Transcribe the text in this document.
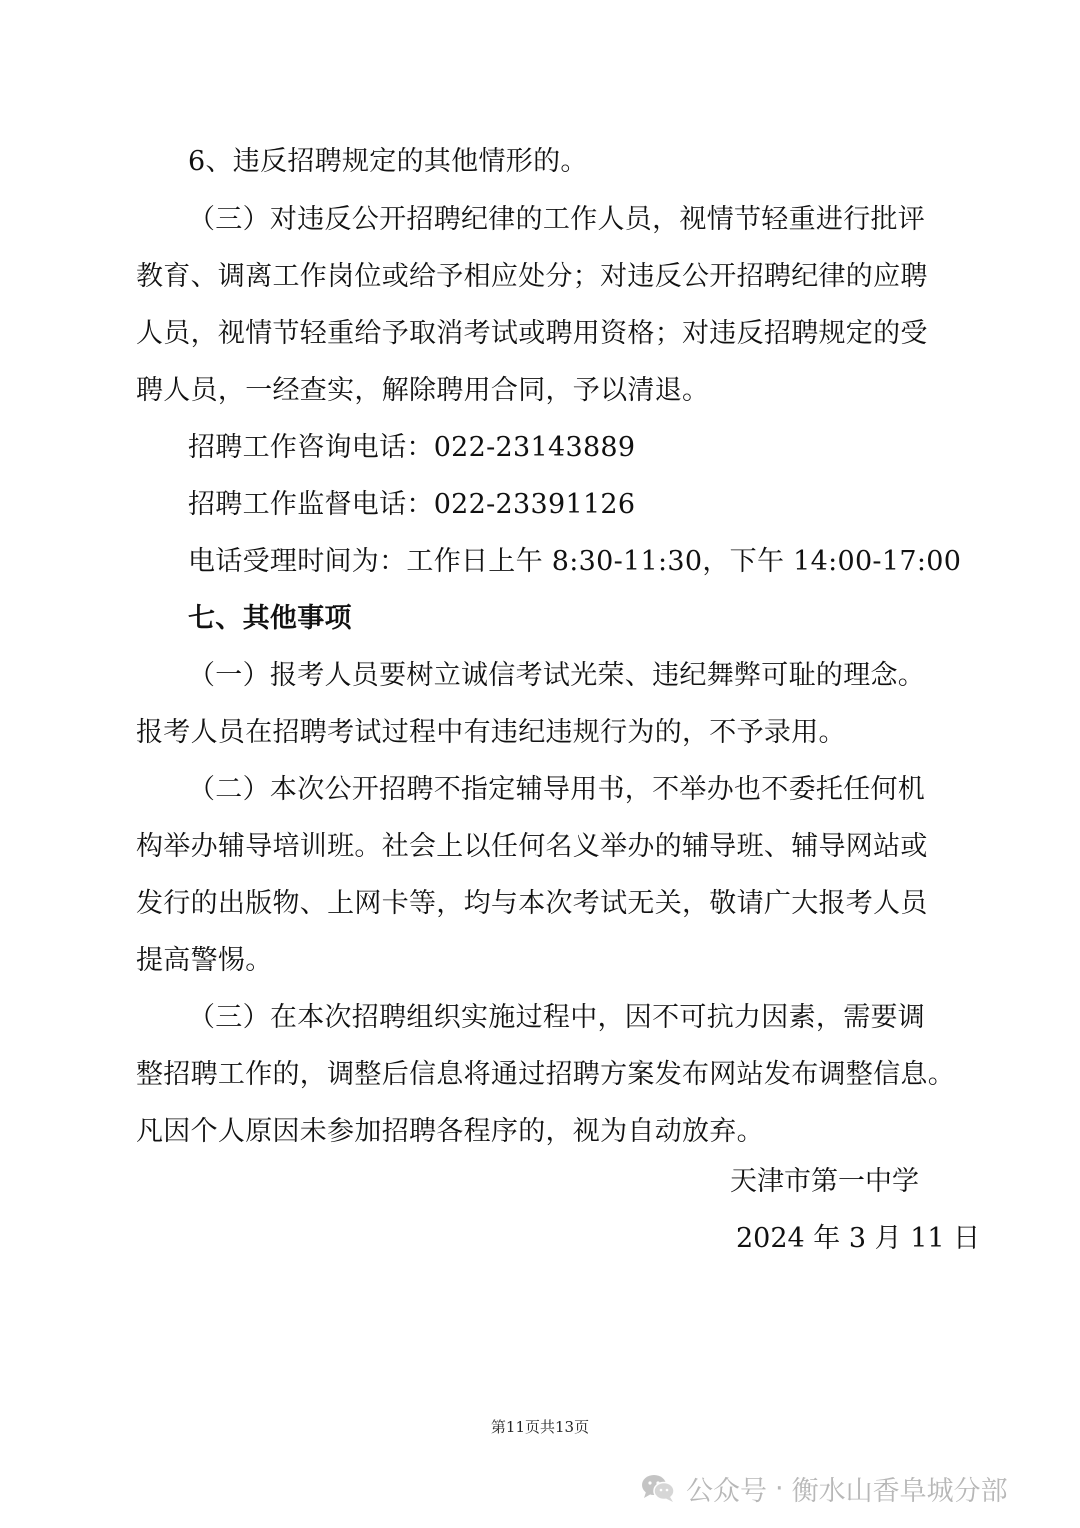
6、违反招聘规定的其他情形的。
（三）对违反公开招聘纪律的工作人员，视情节轻重进行批评
教育、调离工作岗位或给予相应处分；对违反公开招聘纪律的应聘
人员，视情节轻重给予取消考试或聘用资格；对违反招聘规定的受
聘人员，一经查实，解除聘用合同，予以清退。
招聘工作咨询电话：022-23143889
招聘工作监督电话：022-23391126
电话受理时间为：工作日上午 8:30-11:30，下午 14:00-17:00
七、其他事项
（一）报考人员要树立诚信考试光荣、违纪舞弊可耻的理念。
报考人员在招聘考试过程中有违纪违规行为的，不予录用。
（二）本次公开招聘不指定辅导用书，不举办也不委托任何机
构举办辅导培训班。社会上以任何名义举办的辅导班、辅导网站或
发行的出版物、上网卡等，均与本次考试无关，敬请广大报考人员
提高警惕。
（三）在本次招聘组织实施过程中，因不可抗力因素，需要调
整招聘工作的，调整后信息将通过招聘方案发布网站发布调整信息。
凡因个人原因未参加招聘各程序的，视为自动放弃。
天津市第一中学
2024 年 3 月 11 日
第11页共13页
公众号 · 衡水山香阜城分部
